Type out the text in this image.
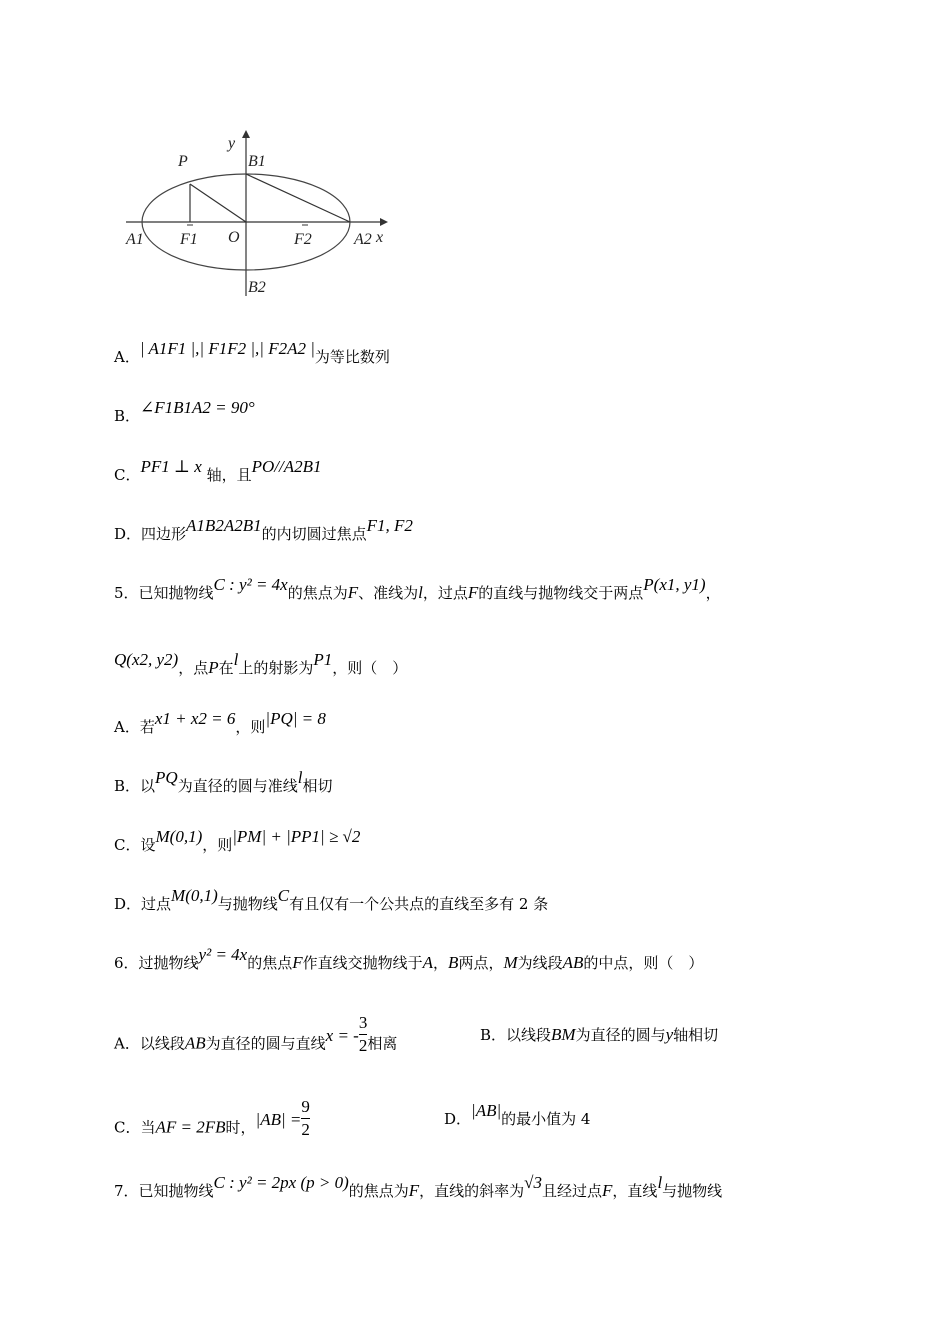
y
x
P	B1
B2
A1	A2
F1	F2
O
A．| A1F1 |,| F1F2 |,| F2A2 |为等比数列
B．∠F1B1A2 = 90°
C．PF1 ⊥ x 轴，且PO//A2B1
D．四边形A1B2A2B1的内切圆过焦点F1, F2
5．已知抛物线C : y² = 4x的焦点为F、准线为l，过点F的直线与抛物线交于两点P(x1, y1)，
Q(x2, y2)，点P在l上的射影为P1，则（　）
A．若x1 + x2 = 6，则|PQ| = 8
B．以PQ为直径的圆与准线l相切
C．设M(0,1)，则|PM| + |PP1| ≥ √2
D．过点M(0,1)与抛物线C有且仅有一个公共点的直线至多有 2 条
6．过抛物线y² = 4x的焦点F作直线交抛物线于A，B两点，M为线段AB的中点，则（　）
A．以线段AB为直径的圆与直线x = - $\frac{3}{2}$ 相离	B．以线段BM为直径的圆与y轴相切
C．当AF = 2FB时，$|AB| = \frac{9}{2}$	D．|AB|的最小值为 4
7．已知抛物线C : y² = 2px (p > 0)的焦点为F，直线的斜率为√3且经过点F，直线l与抛物线
